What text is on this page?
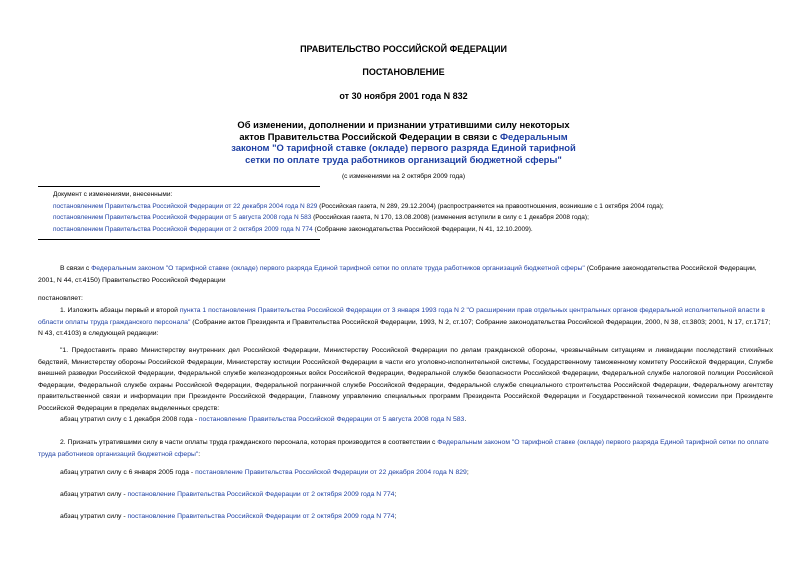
ПРАВИТЕЛЬСТВО РОССИЙСКОЙ ФЕДЕРАЦИИ
ПОСТАНОВЛЕНИЕ
от 30 ноября 2001 года N 832
Об изменении, дополнении и признании утратившими силу некоторых
актов Правительства Российской Федерации в связи с Федеральным
законом "О тарифной ставке (окладе) первого разряда Единой тарифной
сетки по оплате труда работников организаций бюджетной сферы"
(с изменениями на 2 октября 2009 года)
Документ с изменениями, внесенными:
постановлением Правительства Российской Федерации от 22 декабря 2004 года N 829 (Российская газета, N 289, 29.12.2004) (распространяется на правоотношения, возникшие с 1 октября 2004 года);
постановлением Правительства Российской Федерации от 5 августа 2008 года N 583 (Российская газета, N 170, 13.08.2008) (изменения вступили в силу с 1 декабря 2008 года);
постановлением Правительства Российской Федерации от 2 октября 2009 года N 774 (Собрание законодательства Российской Федерации, N 41, 12.10.2009).
В связи с Федеральным законом "О тарифной ставке (окладе) первого разряда Единой тарифной сетки по оплате труда работников организаций бюджетной сферы" (Собрание законодательства Российской Федерации, 2001, N 44, ст.4150) Правительство Российской Федерации
постановляет:
1. Изложить абзацы первый и второй пункта 1 постановления Правительства Российской Федерации от 3 января 1993 года N 2 "О расширении прав отдельных центральных органов федеральной исполнительной власти в области оплаты труда гражданского персонала" (Собрание актов Президента и Правительства Российской Федерации, 1993, N 2, ст.107; Собрание законодательства Российской Федерации, 2000, N 38, ст.3803; 2001, N 17, ст.1717; N 43, ст.4103) в следующей редакции:
"1. Предоставить право Министерству внутренних дел Российской Федерации, Министерству Российской Федерации по делам гражданской обороны, чрезвычайным ситуациям и ликвидации последствий стихийных бедствий, Министерству обороны Российской Федерации, Министерству юстиции Российской Федерации в части его уголовно-исполнительной системы, Государственному таможенному комитету Российской Федерации, Службе внешней разведки Российской Федерации, Федеральной службе железнодорожных войск Российской Федерации, Федеральной службе безопасности Российской Федерации, Федеральной службе налоговой полиции Российской Федерации, Федеральной службе охраны Российской Федерации, Федеральной пограничной службе Российской Федерации, Федеральной службе специального строительства Российской Федерации, Федеральному агентству правительственной связи и информации при Президенте Российской Федерации, Главному управлению специальных программ Президента Российской Федерации и Государственной технической комиссии при Президенте Российской Федерации в пределах выделенных средств:
абзац утратил силу с 1 декабря 2008 года - постановление Правительства Российской Федерации от 5 августа 2008 года N 583.
2. Признать утратившими силу в части оплаты труда гражданского персонала, которая производится в соответствии с Федеральным законом "О тарифной ставке (окладе) первого разряда Единой тарифной сетки по оплате труда работников организаций бюджетной сферы":
абзац утратил силу с 6 января 2005 года - постановление Правительства Российской Федерации от 22 декабря 2004 года N 829;
абзац утратил силу - постановление Правительства Российской Федерации от 2 октября 2009 года N 774;
абзац утратил силу - постановление Правительства Российской Федерации от 2 октября 2009 года N 774;
